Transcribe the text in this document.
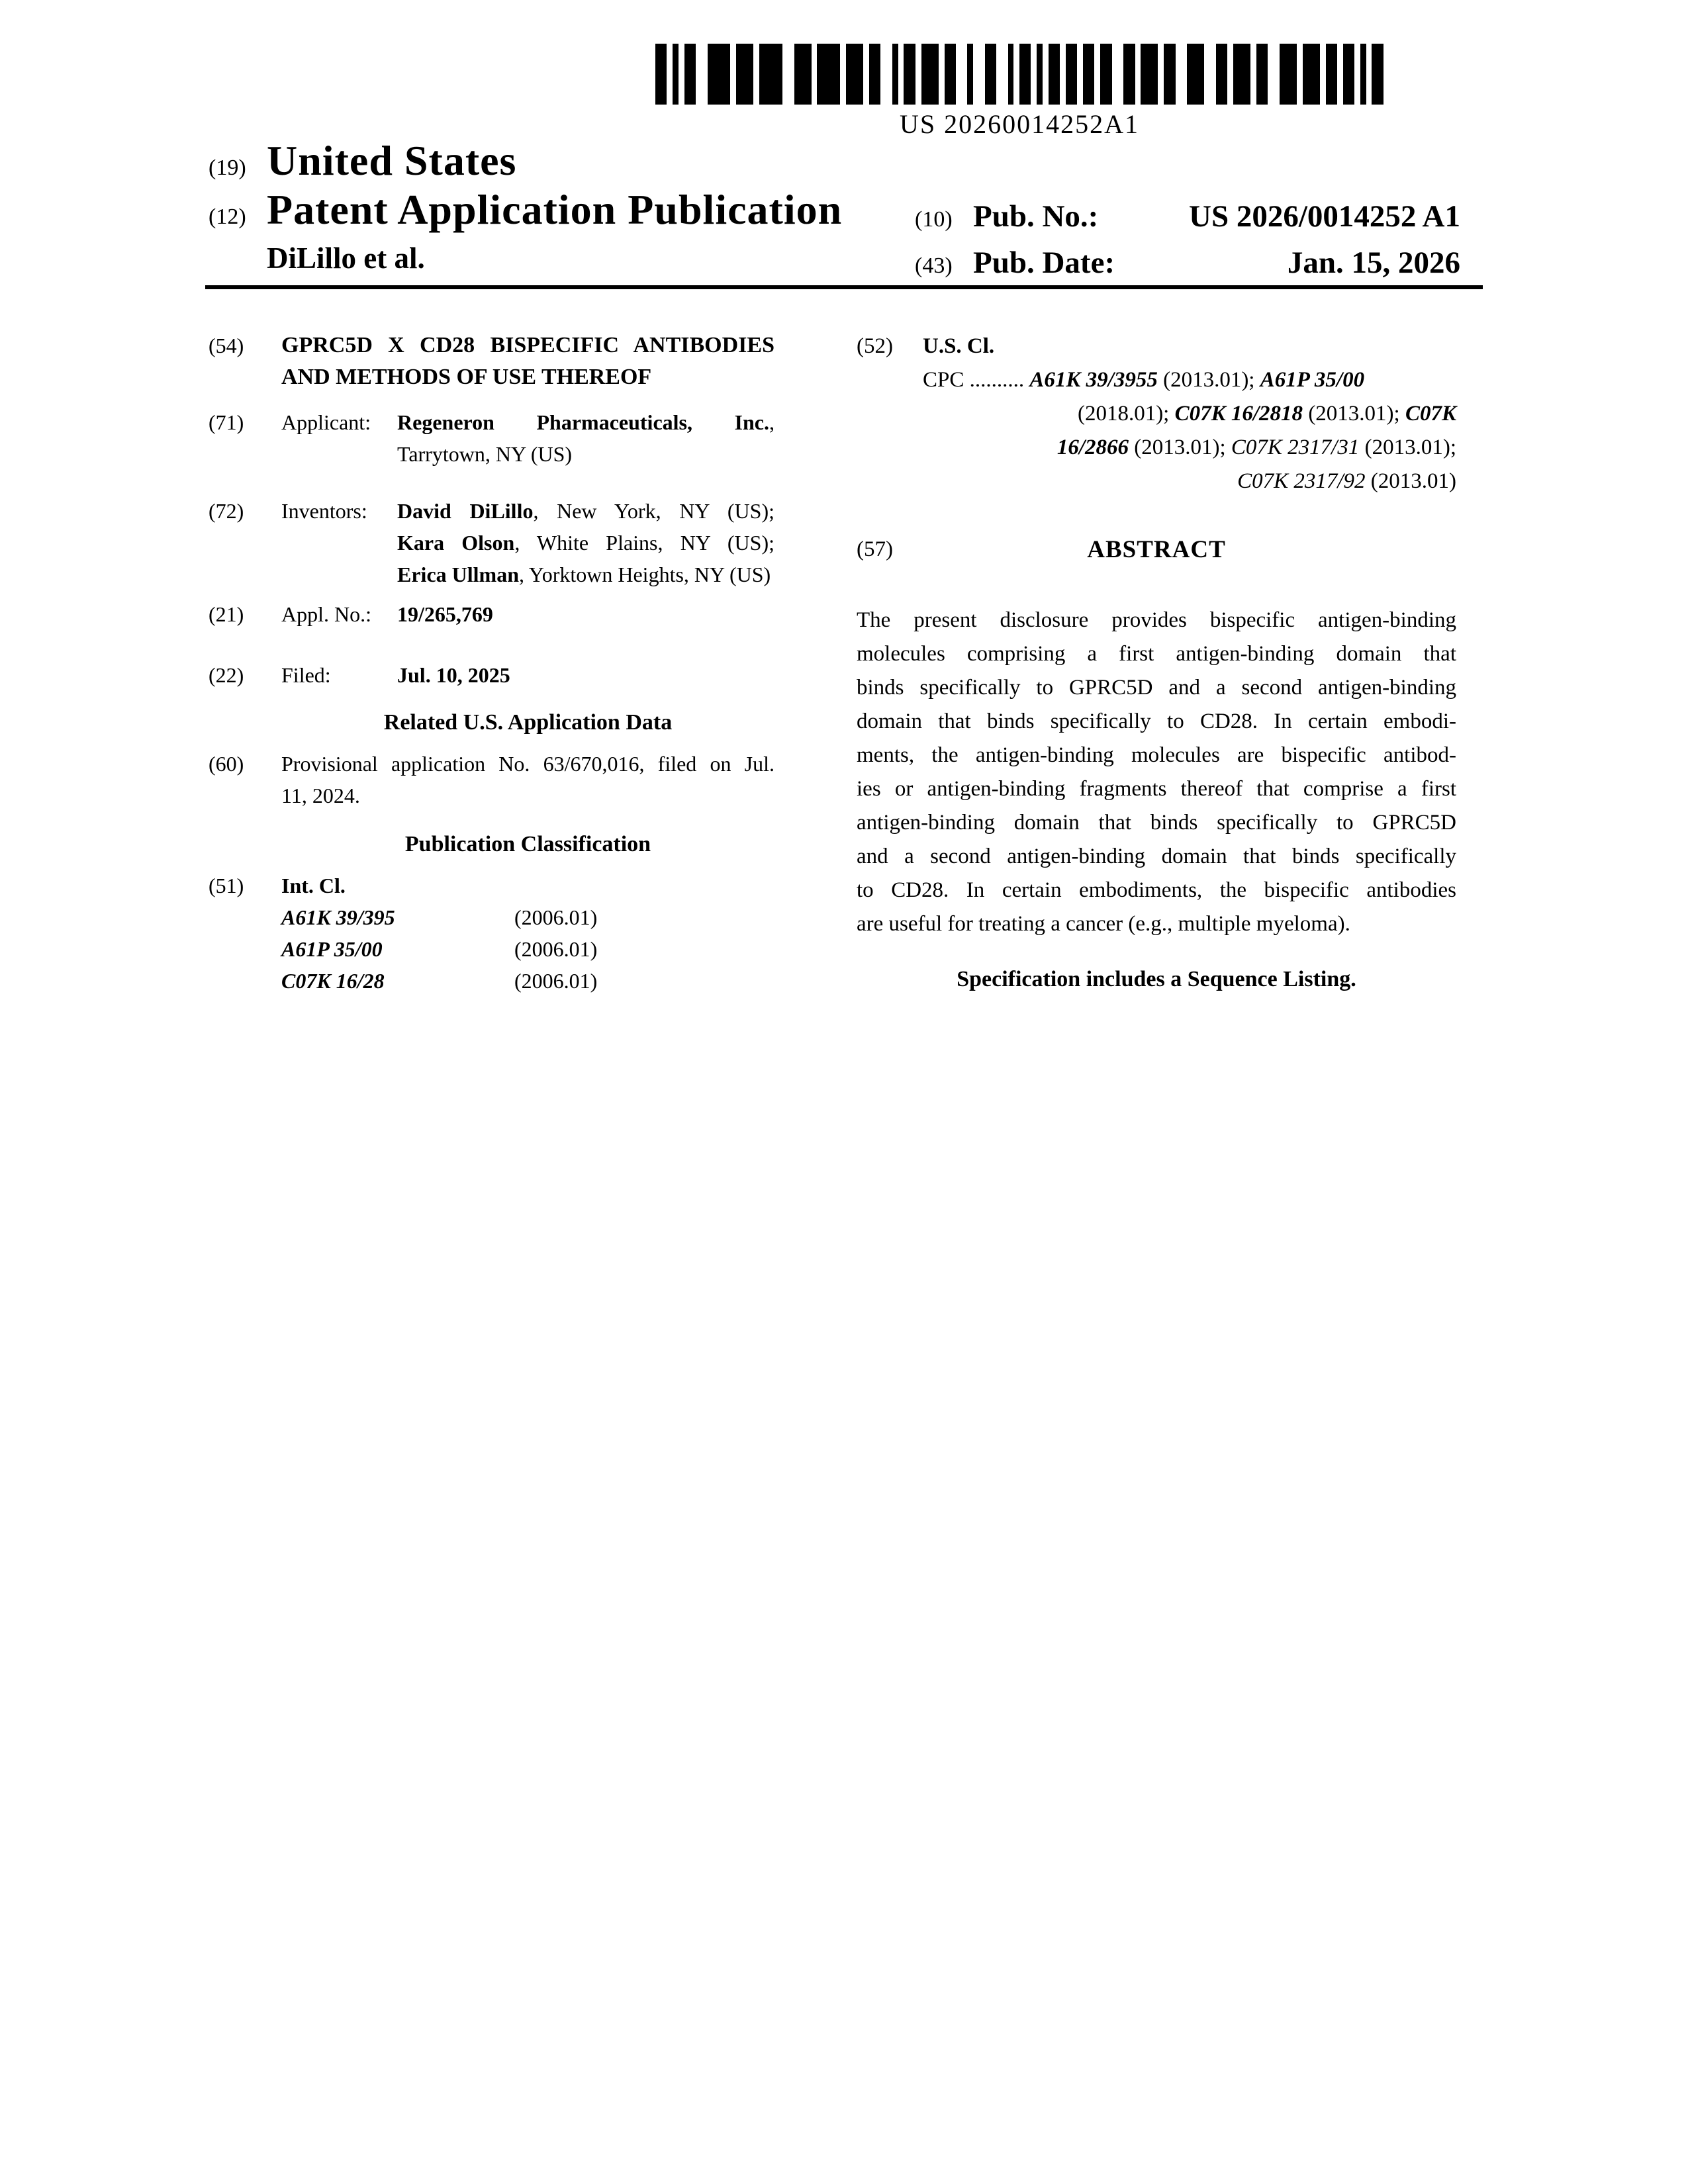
US 20260014252A1
(19) United States
(12) Patent Application Publication
DiLillo et al.
(10) Pub. No.:	US 2026/0014252 A1
(43) Pub. Date:	Jan. 15, 2026
(54)	GPRC5D X CD28 BISPECIFIC ANTIBODIES
AND METHODS OF USE THEREOF
(71)	Applicant:	Regeneron Pharmaceuticals, Inc.,
Tarrytown, NY (US)
(72)	Inventors:	David DiLillo, New York, NY (US);
Kara Olson, White Plains, NY (US);
Erica Ullman, Yorktown Heights, NY (US)
(21)	Appl. No.: 19/265,769
(22)	Filed:	Jul. 10, 2025
Related U.S. Application Data
(60)	Provisional application No. 63/670,016, filed on Jul.
11, 2024.
Publication Classification
(51)	Int. Cl.
A61K 39/395	(2006.01)
A61P 35/00	(2006.01)
C07K 16/28	(2006.01)
(52)	U.S. Cl.
CPC .......... A61K 39/3955 (2013.01); A61P 35/00
(2018.01); C07K 16/2818 (2013.01); C07K
16/2866 (2013.01); C07K 2317/31 (2013.01);
C07K 2317/92 (2013.01)
(57)	ABSTRACT
The present disclosure provides bispecific antigen-binding
molecules comprising a first antigen-binding domain that
binds specifically to GPRC5D and a second antigen-binding
domain that binds specifically to CD28. In certain embodi-
ments, the antigen-binding molecules are bispecific antibod-
ies or antigen-binding fragments thereof that comprise a first
antigen-binding domain that binds specifically to GPRC5D
and a second antigen-binding domain that binds specifically
to CD28. In certain embodiments, the bispecific antibodies
are useful for treating a cancer (e.g., multiple myeloma).
Specification includes a Sequence Listing.
